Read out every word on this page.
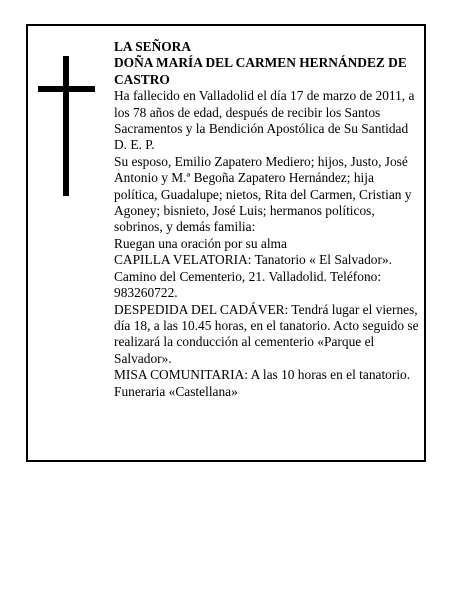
LA SEÑORA

DOÑA MARÍA DEL CARMEN HERNÁNDEZ DE CASTRO

Ha fallecido en Valladolid el día 17 de marzo de 2011, a los 78 años de edad, después de recibir los Santos Sacramentos y la Bendición Apostólica de Su Santidad D. E. P.

Su esposo, Emilio Zapatero Mediero; hijos, Justo, José Antonio y M.ª Begoña Zapatero Hernández; hija política, Guadalupe; nietos, Rita del Carmen, Cristian y Agoney; bisnieto, José Luis; hermanos políticos, sobrinos, y demás familia:

Ruegan una oración por su alma

CAPILLA VELATORIA: Tanatorio « El Salvador». Camino del Cementerio, 21. Valladolid. Teléfono: 983260722.

DESPEDIDA DEL CADÁVER: Tendrá lugar el viernes, día 18, a las 10.45 horas, en el tanatorio. Acto seguido se realizará la conducción al cementerio «Parque el Salvador».

MISA COMUNITARIA: A las 10 horas en el tanatorio.

Funeraria «Castellana»
